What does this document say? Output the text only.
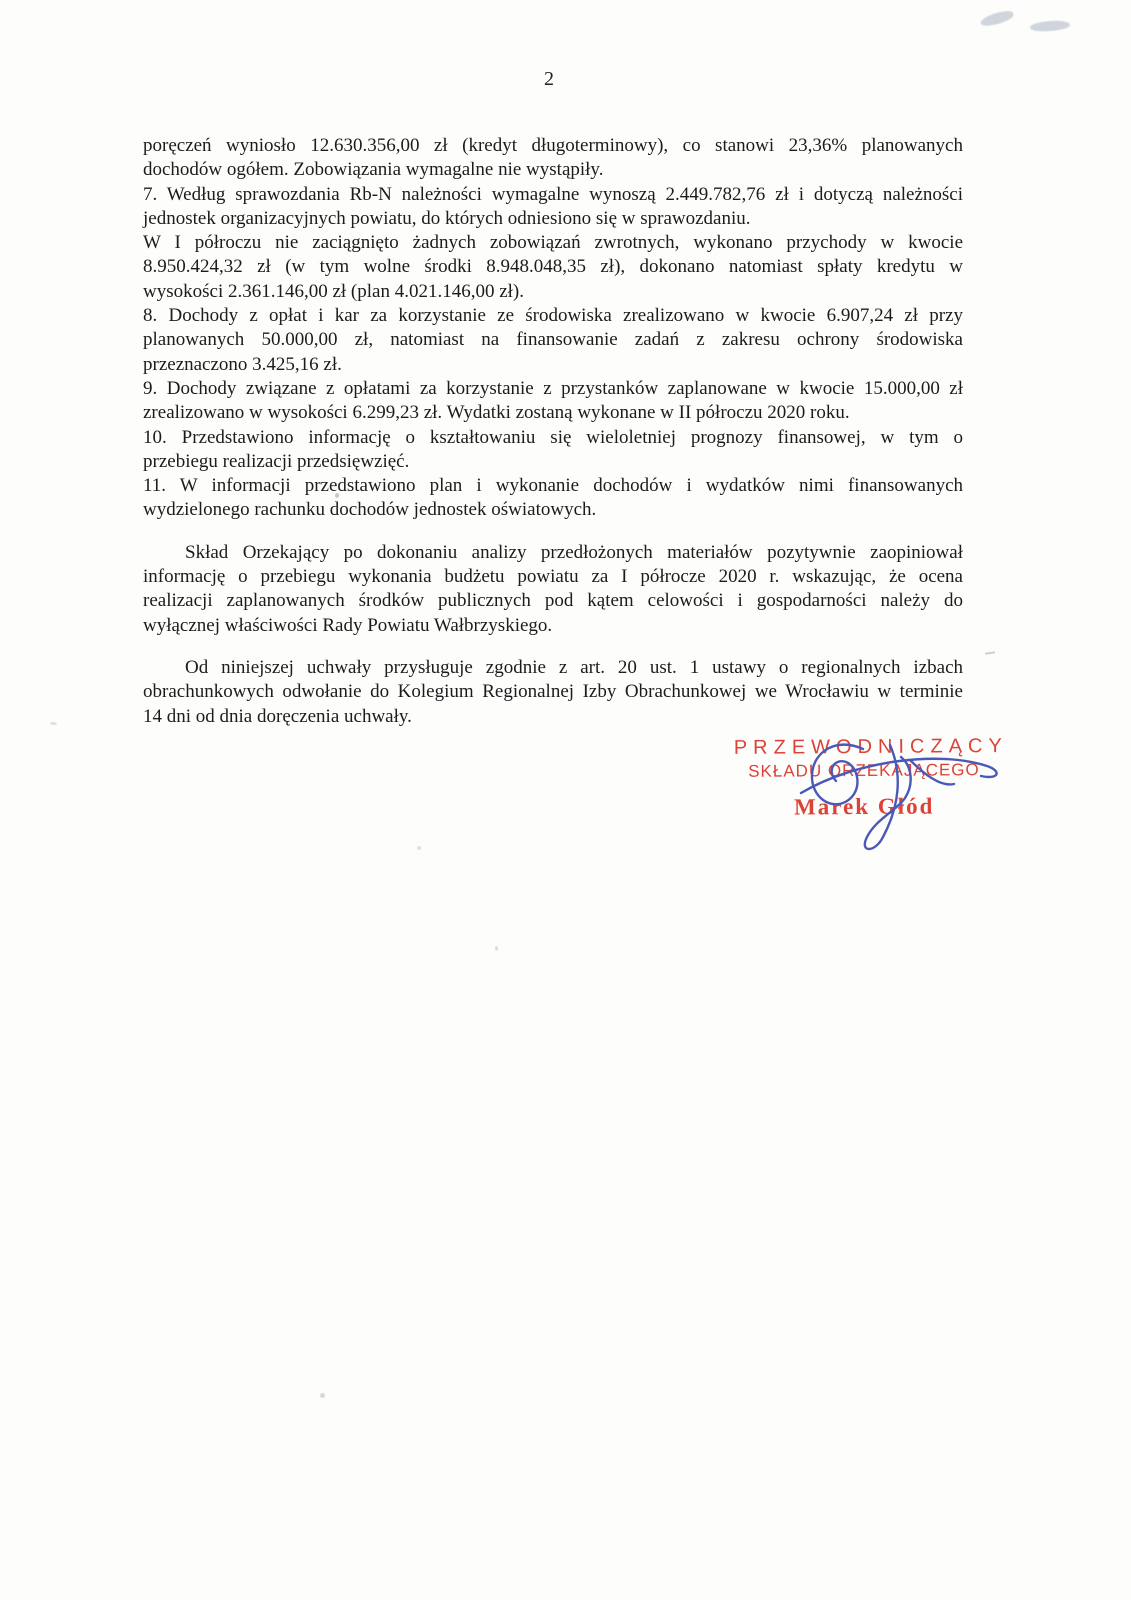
2
poręczeń wyniosło 12.630.356,00 zł (kredyt długoterminowy), co stanowi 23,36% planowanych
dochodów ogółem. Zobowiązania wymagalne nie wystąpiły.
7. Według sprawozdania Rb-N należności wymagalne wynoszą 2.449.782,76 zł i dotyczą należności
jednostek organizacyjnych powiatu, do których odniesiono się w sprawozdaniu.
W I półroczu nie zaciągnięto żadnych zobowiązań zwrotnych, wykonano przychody w kwocie
8.950.424,32 zł (w tym wolne środki 8.948.048,35 zł), dokonano natomiast spłaty kredytu w
wysokości 2.361.146,00 zł (plan 4.021.146,00 zł).
8. Dochody z opłat i kar za korzystanie ze środowiska zrealizowano w kwocie 6.907,24 zł przy
planowanych 50.000,00 zł, natomiast na finansowanie zadań z zakresu ochrony środowiska
przeznaczono 3.425,16 zł.
9. Dochody związane z opłatami za korzystanie z przystanków zaplanowane w kwocie 15.000,00 zł
zrealizowano w wysokości 6.299,23 zł. Wydatki zostaną wykonane w II półroczu 2020 roku.
10. Przedstawiono informację o kształtowaniu się wieloletniej prognozy finansowej, w tym o
przebiegu realizacji przedsięwzięć.
11. W informacji przedstawiono plan i wykonanie dochodów i wydatków nimi finansowanych
wydzielonego rachunku dochodów jednostek oświatowych.
Skład Orzekający po dokonaniu analizy przedłożonych materiałów pozytywnie zaopiniował
informację o przebiegu wykonania budżetu powiatu za I półrocze 2020 r. wskazując, że ocena
realizacji zaplanowanych środków publicznych pod kątem celowości i gospodarności należy do
wyłącznej właściwości Rady Powiatu Wałbrzyskiego.
Od niniejszej uchwały przysługuje zgodnie z art. 20 ust. 1 ustawy o regionalnych izbach
obrachunkowych odwołanie do Kolegium Regionalnej Izby Obrachunkowej we Wrocławiu w terminie
14 dni od dnia doręczenia uchwały.
PRZEWODNICZĄCY
SKŁADU ORZEKAJĄCEGO
Marek Głód
